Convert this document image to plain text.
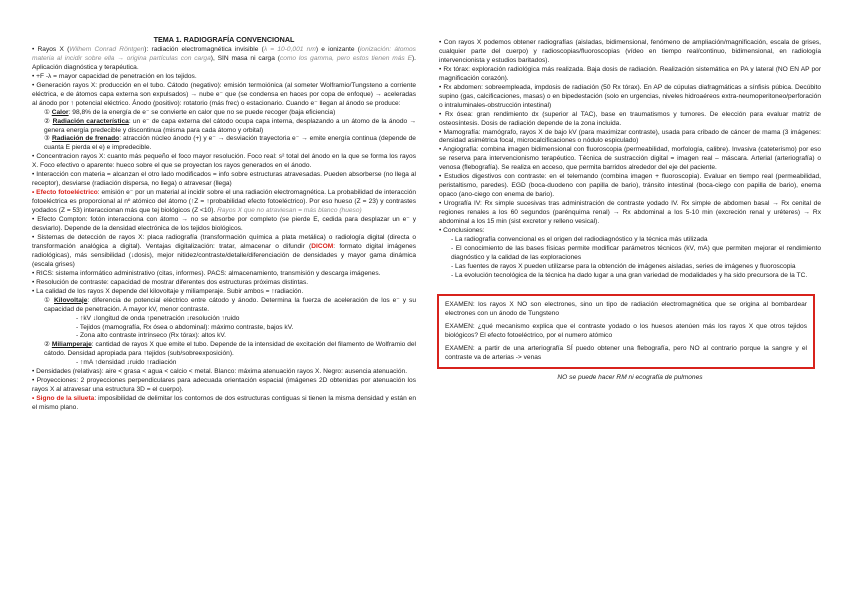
TEMA 1. RADIOGRAFÍA CONVENCIONAL

• Rayos X (Wilhem Conrad Röntgen): radiación electromagnética invisible (λ = 10-0,001 nm) e ionizante (ionización: átomos materia al incidir sobre ella → origina partículas con carga), SIN masa ni carga (como los gamma, pero estos tienen más E). Aplicación diagnóstica y terapéutica.

• +F -λ = mayor capacidad de penetración en los tejidos.

• Generación rayos X: producción en el tubo. Cátodo (negativo): emisión termoiónica (al someter Wolframio/Tungsteno a corriente eléctrica, e de átomos capa externa son expulsados) → nube e⁻ que (se condensa en haces por copa de enfoque) → aceleradas al ánodo por ↑ potencial eléctrico. Ánodo (positivo): rotatorio (más frec) o estacionario. Cuando e⁻ llegan al ánodo se produce:

① Calor: 98,8% de la energía de e⁻ se convierte en calor que no se puede recoger (baja eficiencia)

② Radiación característica: un e⁻ de capa externa del cátodo ocupa capa interna, desplazando a un átomo de la ánodo → genera energía predecible y discontinua (misma para cada átomo y orbital)

③ Radiación de frenado: atracción núcleo ánodo (+) y e⁻ → desviación trayectoria e⁻ → emite energía continua (depende de cuanta E pierda el e) e impredecible.

• Concentracion rayos X: cuanto más pequeño el foco mayor resolución. Foco real: s² total del ánodo en la que se forma los rayos X. Foco efectivo o aparente: hueco sobre el que se proyectan los rayos generados en el ánodo.

• Interacción con materia = alcanzan el otro lado modificados = info sobre estructuras atravesadas. Pueden absorberse (no llega al receptor), desviarse (radiación dispersa, no llega) o atravesar (llega)

• Efecto fotoeléctrico: emisión e⁻ por un material al incidir sobre el una radiación electromagnética. La probabilidad de interacción fotoeléctrica es proporcional al nº atómico del átomo (↑Z = ↑probabilidad efecto fotoeléctrico). Por eso hueso (Z = 23) y contrastes yodados (Z = 53) interaccionan más que tej biológicos (Z <10). Rayos X que no atraviesan = más blanco (hueso)

• Efecto Compton: fotón interacciona con átomo → no se absorbe por completo (se pierde E, cedida para desplazar un e⁻ y desviarlo). Depende de la densidad electrónica de los tejidos biológicos.

• Sistemas de detección de rayos X: placa radiografía (transformación química a plata metálica) o radiología digital (directa o transformación analógica a digital). Ventajas digitalización: tratar, almacenar o difundir (DICOM: formato digital imágenes radiológicas), más sensibilidad (↓dosis), mejor nitidez/contraste/detalle/diferenciación de densidades y mayor gama dinámica (escala grises)

• RICS: sistema informático administrativo (citas, informes). PACS: almacenamiento, transmisión y descarga imágenes.

• Resolución de contraste: capacidad de mostrar diferentes dos estructuras próximas distintas.

• La calidad de los rayos X depende del kilovoltaje y miliamperaje. Subir ambos = ↑radiación.

① Kilovoltaje: diferencia de potencial eléctrico entre cátodo y ánodo. Determina la fuerza de aceleración de los e⁻ y su capacidad de penetración. A mayor kV, menor contraste.

- ↑kV ↓longitud de onda ↑penetración ↓resolución ↑ruido

- Tejidos (mamografía, Rx ósea o abdominal): máximo contraste, bajos kV.

- Zona alto contraste intrínseco (Rx tórax): altos kV.

② Miliamperaje: cantidad de rayos X que emite el tubo. Depende de la intensidad de excitación del filamento de Wolframio del cátodo. Densidad apropiada para ↑tejidos (sub/sobreexposición).

- ↑mA ↑densidad ↓ruido ↑radiación

• Densidades (relativas): aire < grasa < agua < calcio < metal. Blanco: máxima atenuación rayos X. Negro: ausencia atenuación.

• Proyecciones: 2 proyecciones perpendiculares para adecuada orientación espacial (imágenes 2D obtenidas por atenuación los rayos X al atravesar una estructura 3D = el cuerpo).

• Signo de la silueta: imposibilidad de delimitar los contornos de dos estructuras contiguas si tienen la misma densidad y están en el mismo plano.

• Con rayos X podemos obtener radiografías (aisladas, bidimensional, fenómeno de ampliación/magnificación, escala de grises, cualquier parte del cuerpo) y radioscopias/fluoroscopias (vídeo en tiempo real/continuo, bidimensional, en radiología intervencionista y estudios baritados).

• Rx tórax: exploración radiológica más realizada. Baja dosis de radiación. Realización sistemática en PA y lateral (NO EN AP por magnificación corazón).

• Rx abdomen: sobreempleada, impdosis de radiación (50 Rx tórax). En AP de cúpulas diafragmáticas a sínfisis púbica. Decúbito supino (gas, calcificaciones, masas) o en bipedestación (solo en urgencias, niveles hidroaéreos extra-neumoperitoneo/perforación o intraluminales-obstrucción intestinal)

• Rx ósea: gran rendimiento dx (superior al TAC), base en traumatismos y tumores. De elección para evaluar matriz de osteosíntesis. Dosis de radiación depende de la zona incluida.

• Mamografía: mamógrafo, rayos X de bajo kV (para maximizar contraste), usada para cribado de cáncer de mama (3 imágenes: densidad asimétrica focal, microcalcificaciones o nódulo espiculado)

• Angiografía: combina imagen bidimensional con fluoroscopia (permeabilidad, morfología, calibre). Invasiva (cateterismo) por eso se reserva para intervencionismo terapéutico. Técnica de sustracción digital = imagen real – máscara. Arterial (arteriografía) o venosa (flebografía). Se realiza en acceso, que permita barridos alrededor del eje del paciente.

• Estudios digestivos con contraste: en el telemando (combina imagen + fluoroscopia). Evaluar en tiempo real (permeabilidad, peristaltismo, paredes). EGD (boca-duodeno con papilla de bario), tránsito intestinal (boca-ciego con papilla de bario), enema opaco (ano-ciego con enema de bario).

• Urografía IV: Rx simple sucesivas tras administración de contraste yodado IV. Rx simple de abdomen basal → Rx cenital de regiones renales a los 60 segundos (parénquima renal) → Rx abdominal a los 5-10 min (excreción renal y uréteres) → Rx abdominal a los 15 min (sist excretor y relleno vesical).

• Conclusiones:

- La radiografía convencional es el origen del radiodiagnóstico y la técnica más utilizada

- El conocimiento de las bases físicas permite modificar parámetros técnicos (kV, mA) que permiten mejorar el rendimiento diagnóstico y la calidad de las exploraciones

- Las fuentes de rayos X pueden utilizarse para la obtención de imágenes aisladas, series de imágenes y fluoroscopia

- La evolución tecnológica de la técnica ha dado lugar a una gran variedad de modalidades y ha sido precursora de la TC.

EXAMEN: los rayos X NO son electrones, sino un tipo de radiación electromagnética que se origina al bombardear electrones con un ánodo de Tungsteno

EXAMEN: ¿qué mecanismo explica que el contraste yodado o los huesos atenúen más los rayos X que otros tejidos biológicos? El efecto fotoeléctrico, por el numero atómico

EXAMEN: a partir de una arteriografía SÍ puedo obtener una flebografía, pero NO al contrario porque la sangre y el contraste va de arterias -> venas

NO se puede hacer RM ni ecografía de pulmones
